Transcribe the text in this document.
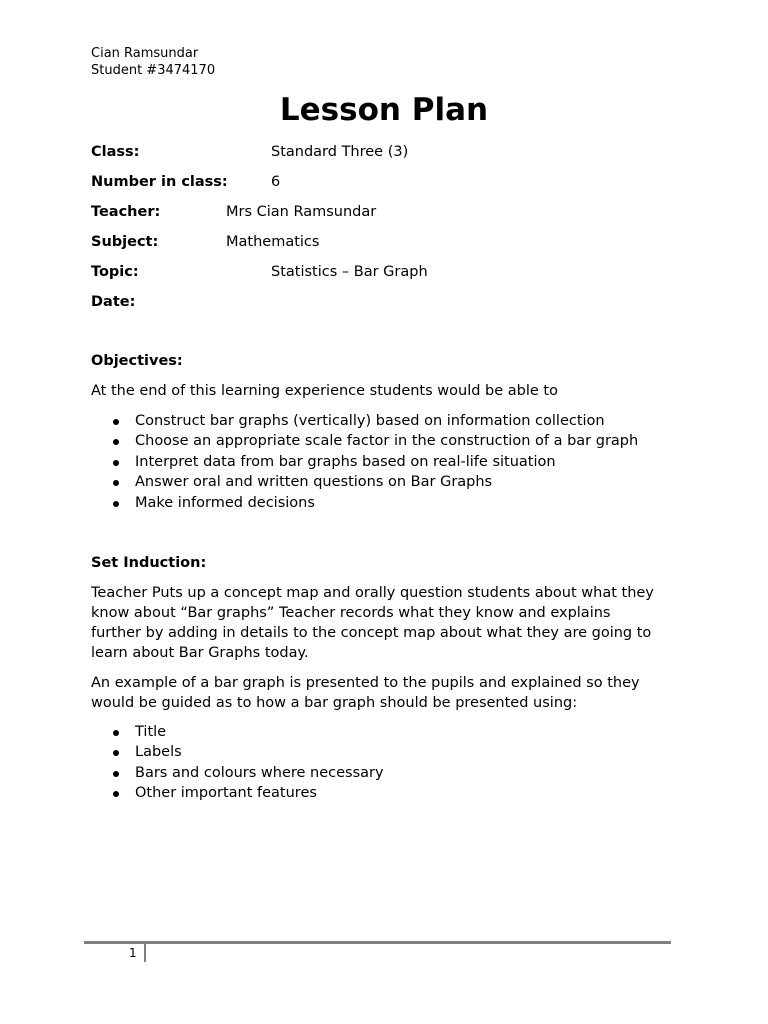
Cian Ramsundar
Student #3474170
Lesson Plan
Class:	Standard Three (3)
Number in class:	6
Teacher:	Mrs Cian Ramsundar
Subject:	Mathematics
Topic:	Statistics – Bar Graph
Date:
Objectives:
At the end of this learning experience students would be able to
Construct bar graphs (vertically) based on information collection
Choose an appropriate scale factor in the construction of a bar graph
Interpret data from bar graphs based on real-life situation
Answer oral and written questions on Bar Graphs
Make informed decisions
Set Induction:
Teacher Puts up a concept map and orally question students about what they
know about “Bar graphs” Teacher records what they know and explains
further by adding in details to the concept map about what they are going to
learn about Bar Graphs today.
An example of a bar graph is presented to the pupils and explained so they
would be guided as to how a bar graph should be presented using:
Title
Labels
Bars and colours where necessary
Other important features
1
